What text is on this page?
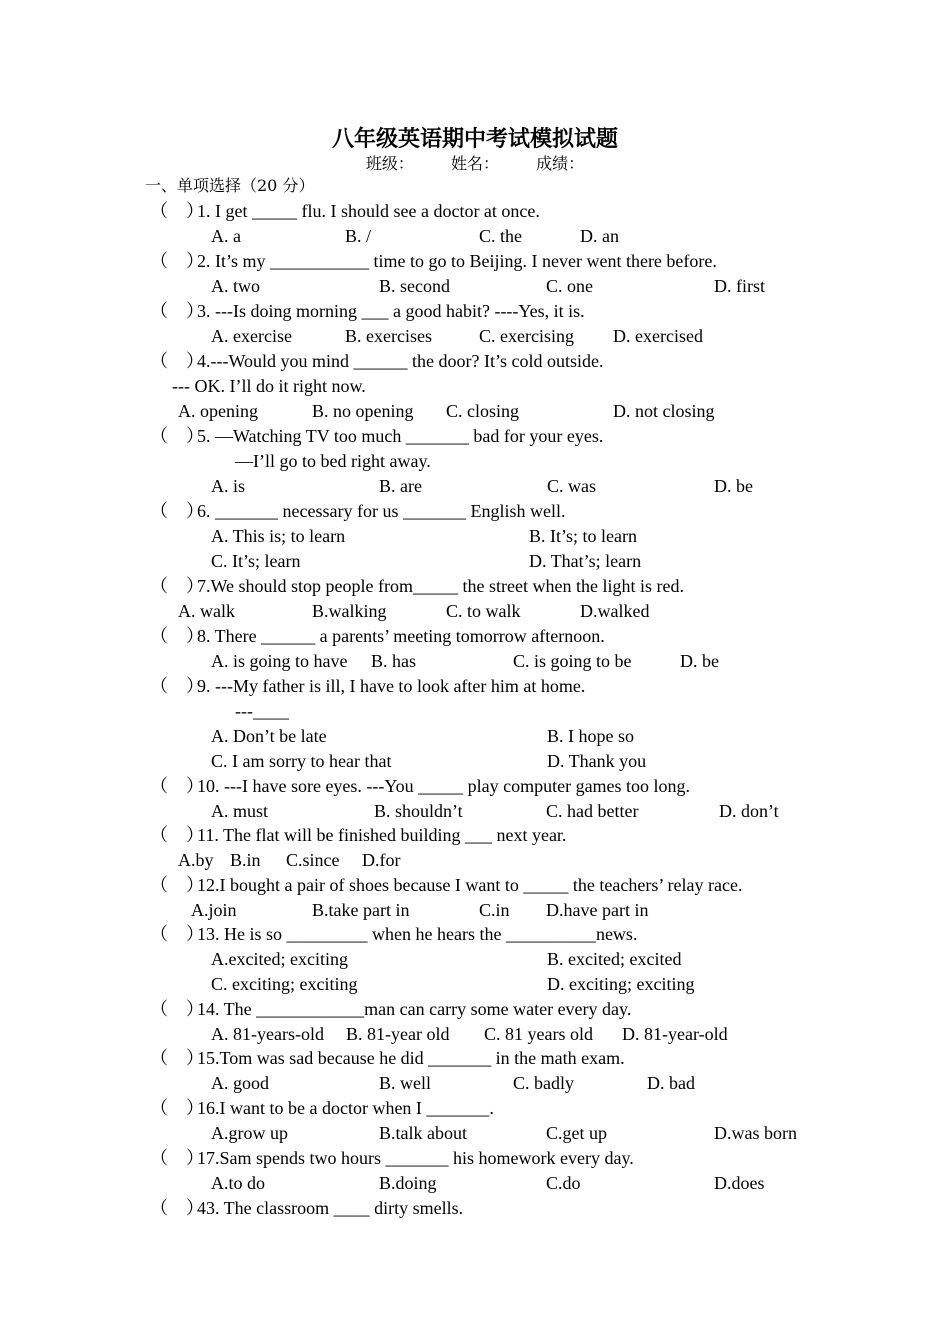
八年级英语期中考试模拟试题
班级： 姓名： 成绩：
一、单项选择（20 分）
（　）
1. I get _____ flu. I should see a doctor at once.
A. a	B. /	C. the	D. an
（　）
2. It’s my ___________ time to go to Beijing. I never went there before.
A. two	B. second	C. one	D. first
（　）
3. ---Is doing morning ___ a good habit? ----Yes, it is.
A. exercise	B. exercises	C. exercising D. exercised
（　）
4.---Would you mind ______ the door? It’s cold outside.
--- OK. I’ll do it right now.
A. opening	B. no opening C. closing	D. not closing
（　）
5. —Watching TV too much _______ bad for your eyes.
—I’ll go to bed right away.
A. is	B. are	C. was	D. be
（　）
6. _______ necessary for us _______ English well.
A. This is; to learn	B. It’s; to learn
C. It’s; learn	D. That’s; learn
（　）
7.We should stop people from_____ the street when the light is red.
A. walk	B.walking	C. to walk	D.walked
（　）
8. There ______ a parents’ meeting tomorrow afternoon.
A. is going to have B. has	C. is going to be	D. be
（　）
9. ---My father is ill, I have to look after him at home.
---____
A. Don’t be late	B. I hope so
C. I am sorry to hear that	D. Thank you
（　）
10. ---I have sore eyes. ---You _____ play computer games too long.
A. must	B. shouldn’t	C. had better	D. don’t
（　）
11. The flat will be finished building ___ next year.
A.by B.in C.since D.for
（　）
12.I bought a pair of shoes because I want to _____ the teachers’ relay race.
A.join	B.take part in	C.in D.have part in
（　）
13. He is so _________ when he hears the __________news.
A.excited; exciting	B. excited; excited
C. exciting; exciting	D. exciting; exciting
（　）
14. The ____________man can carry some water every day.
A. 81-years-old B. 81-year old C. 81 years old D. 81-year-old
（　）
15.Tom was sad because he did _______ in the math exam.
A. good	B. well	C. badly	D. bad
（　）
16.I want to be a doctor when I _______.
A.grow up	B.talk about	C.get up	D.was born
（　）
17.Sam spends two hours _______ his homework every day.
A.to do	B.doing	C.do	D.does
（　）
43. The classroom ____ dirty smells.
